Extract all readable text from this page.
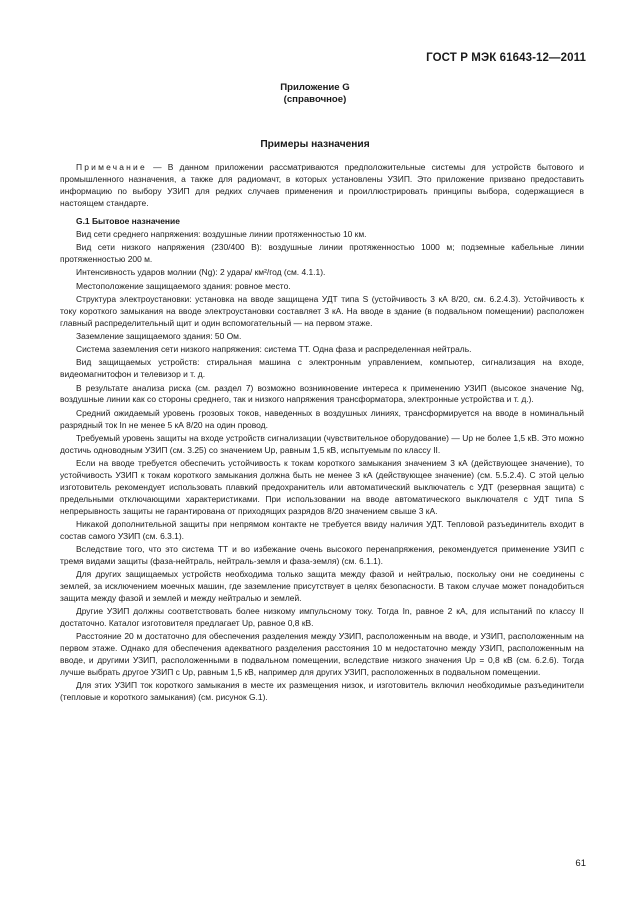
ГОСТ Р МЭК 61643-12—2011
Приложение G
(справочное)
Примеры назначения

Примечание — В данном приложении рассматриваются предположительные системы для устройств бытового и промышленного назначения, а также для радиомачт, в которых установлены УЗИП. Это приложение призвано предоставить информацию по выбору УЗИП для редких случаев применения и проиллюстрировать принципы выбора, содержащиеся в настоящем стандарте.

G.1 Бытовое назначение

Вид сети среднего напряжения: воздушные линии протяженностью 10 км.

Вид сети низкого напряжения (230/400 В): воздушные линии протяженностью 1000 м; подземные кабельные линии протяженностью 200 м.

Интенсивность ударов молнии (Ng): 2 удара/ км²/год (см. 4.1.1).

Местоположение защищаемого здания: ровное место.

Структура электроустановки: установка на вводе защищена УДТ типа S (устойчивость 3 кА 8/20, см. 6.2.4.3). Устойчивость к току короткого замыкания на вводе электроустановки составляет 3 кА. На вводе в здание (в подвальном помещении) расположен главный распределительный щит и один вспомогательный — на первом этаже.

Заземление защищаемого здания: 50 Ом.

Система заземления сети низкого напряжения: система ТТ. Одна фаза и распределенная нейтраль.

Вид защищаемых устройств: стиральная машина с электронным управлением, компьютер, сигнализация на входе, видеомагнитофон и телевизор и т. д.

В результате анализа риска (см. раздел 7) возможно возникновение интереса к применению УЗИП (высокое значение Ng, воздушные линии как со стороны среднего, так и низкого напряжения трансформатора, электронные устройства и т. д.).

Средний ожидаемый уровень грозовых токов, наведенных в воздушных линиях, трансформируется на вводе в номинальный разрядный ток In не менее 5 кА 8/20 на один провод.

Требуемый уровень защиты на входе устройств сигнализации (чувствительное оборудование) — Up не более 1,5 кВ. Это можно достичь одноводным УЗИП (см. 3.25) со значением Up, равным 1,5 кВ, испытуемым по классу II.

Если на вводе требуется обеспечить устойчивость к токам короткого замыкания значением 3 кА (действующее значение), то устойчивость УЗИП к токам короткого замыкания должна быть не менее 3 кА (действующее значение) (см. 5.5.2.4). С этой целью изготовитель рекомендует использовать плавкий предохранитель или автоматический выключатель с УДТ (резервная защита) с предельными отключающими характеристиками. При использовании на вводе автоматического выключателя с УДТ типа S непрерывность защиты не гарантирована от приходящих разрядов 8/20 значением свыше 3 кА.

Никакой дополнительной защиты при непрямом контакте не требуется ввиду наличия УДТ. Тепловой разъединитель входит в состав самого УЗИП (см. 6.3.1).

Вследствие того, что это система ТТ и во избежание очень высокого перенапряжения, рекомендуется применение УЗИП с тремя видами защиты (фаза-нейтраль, нейтраль-земля и фаза-земля) (см. 6.1.1).

Для других защищаемых устройств необходима только защита между фазой и нейтралью, поскольку они не соединены с землей, за исключением моечных машин, где заземление присутствует в целях безопасности. В таком случае может понадобиться защита между фазой и землей и между нейтралью и землей.

Другие УЗИП должны соответствовать более низкому импульсному току. Тогда In, равное 2 кА, для испытаний по классу II достаточно. Каталог изготовителя предлагает Up, равное 0,8 кВ.

Расстояние 20 м достаточно для обеспечения разделения между УЗИП, расположенным на вводе, и УЗИП, расположенным на первом этаже. Однако для обеспечения адекватного разделения расстояния 10 м недостаточно между УЗИП, расположенным на вводе, и другими УЗИП, расположенными в подвальном помещении, вследствие низкого значения Up = 0,8 кВ (см. 6.2.6). Тогда лучше выбрать другое УЗИП с Up, равным 1,5 кВ, например для других УЗИП, расположенных в подвальном помещении.

Для этих УЗИП ток короткого замыкания в месте их размещения низок, и изготовитель включил необходимые разъединители (тепловые и короткого замыкания) (см. рисунок G.1).

61
